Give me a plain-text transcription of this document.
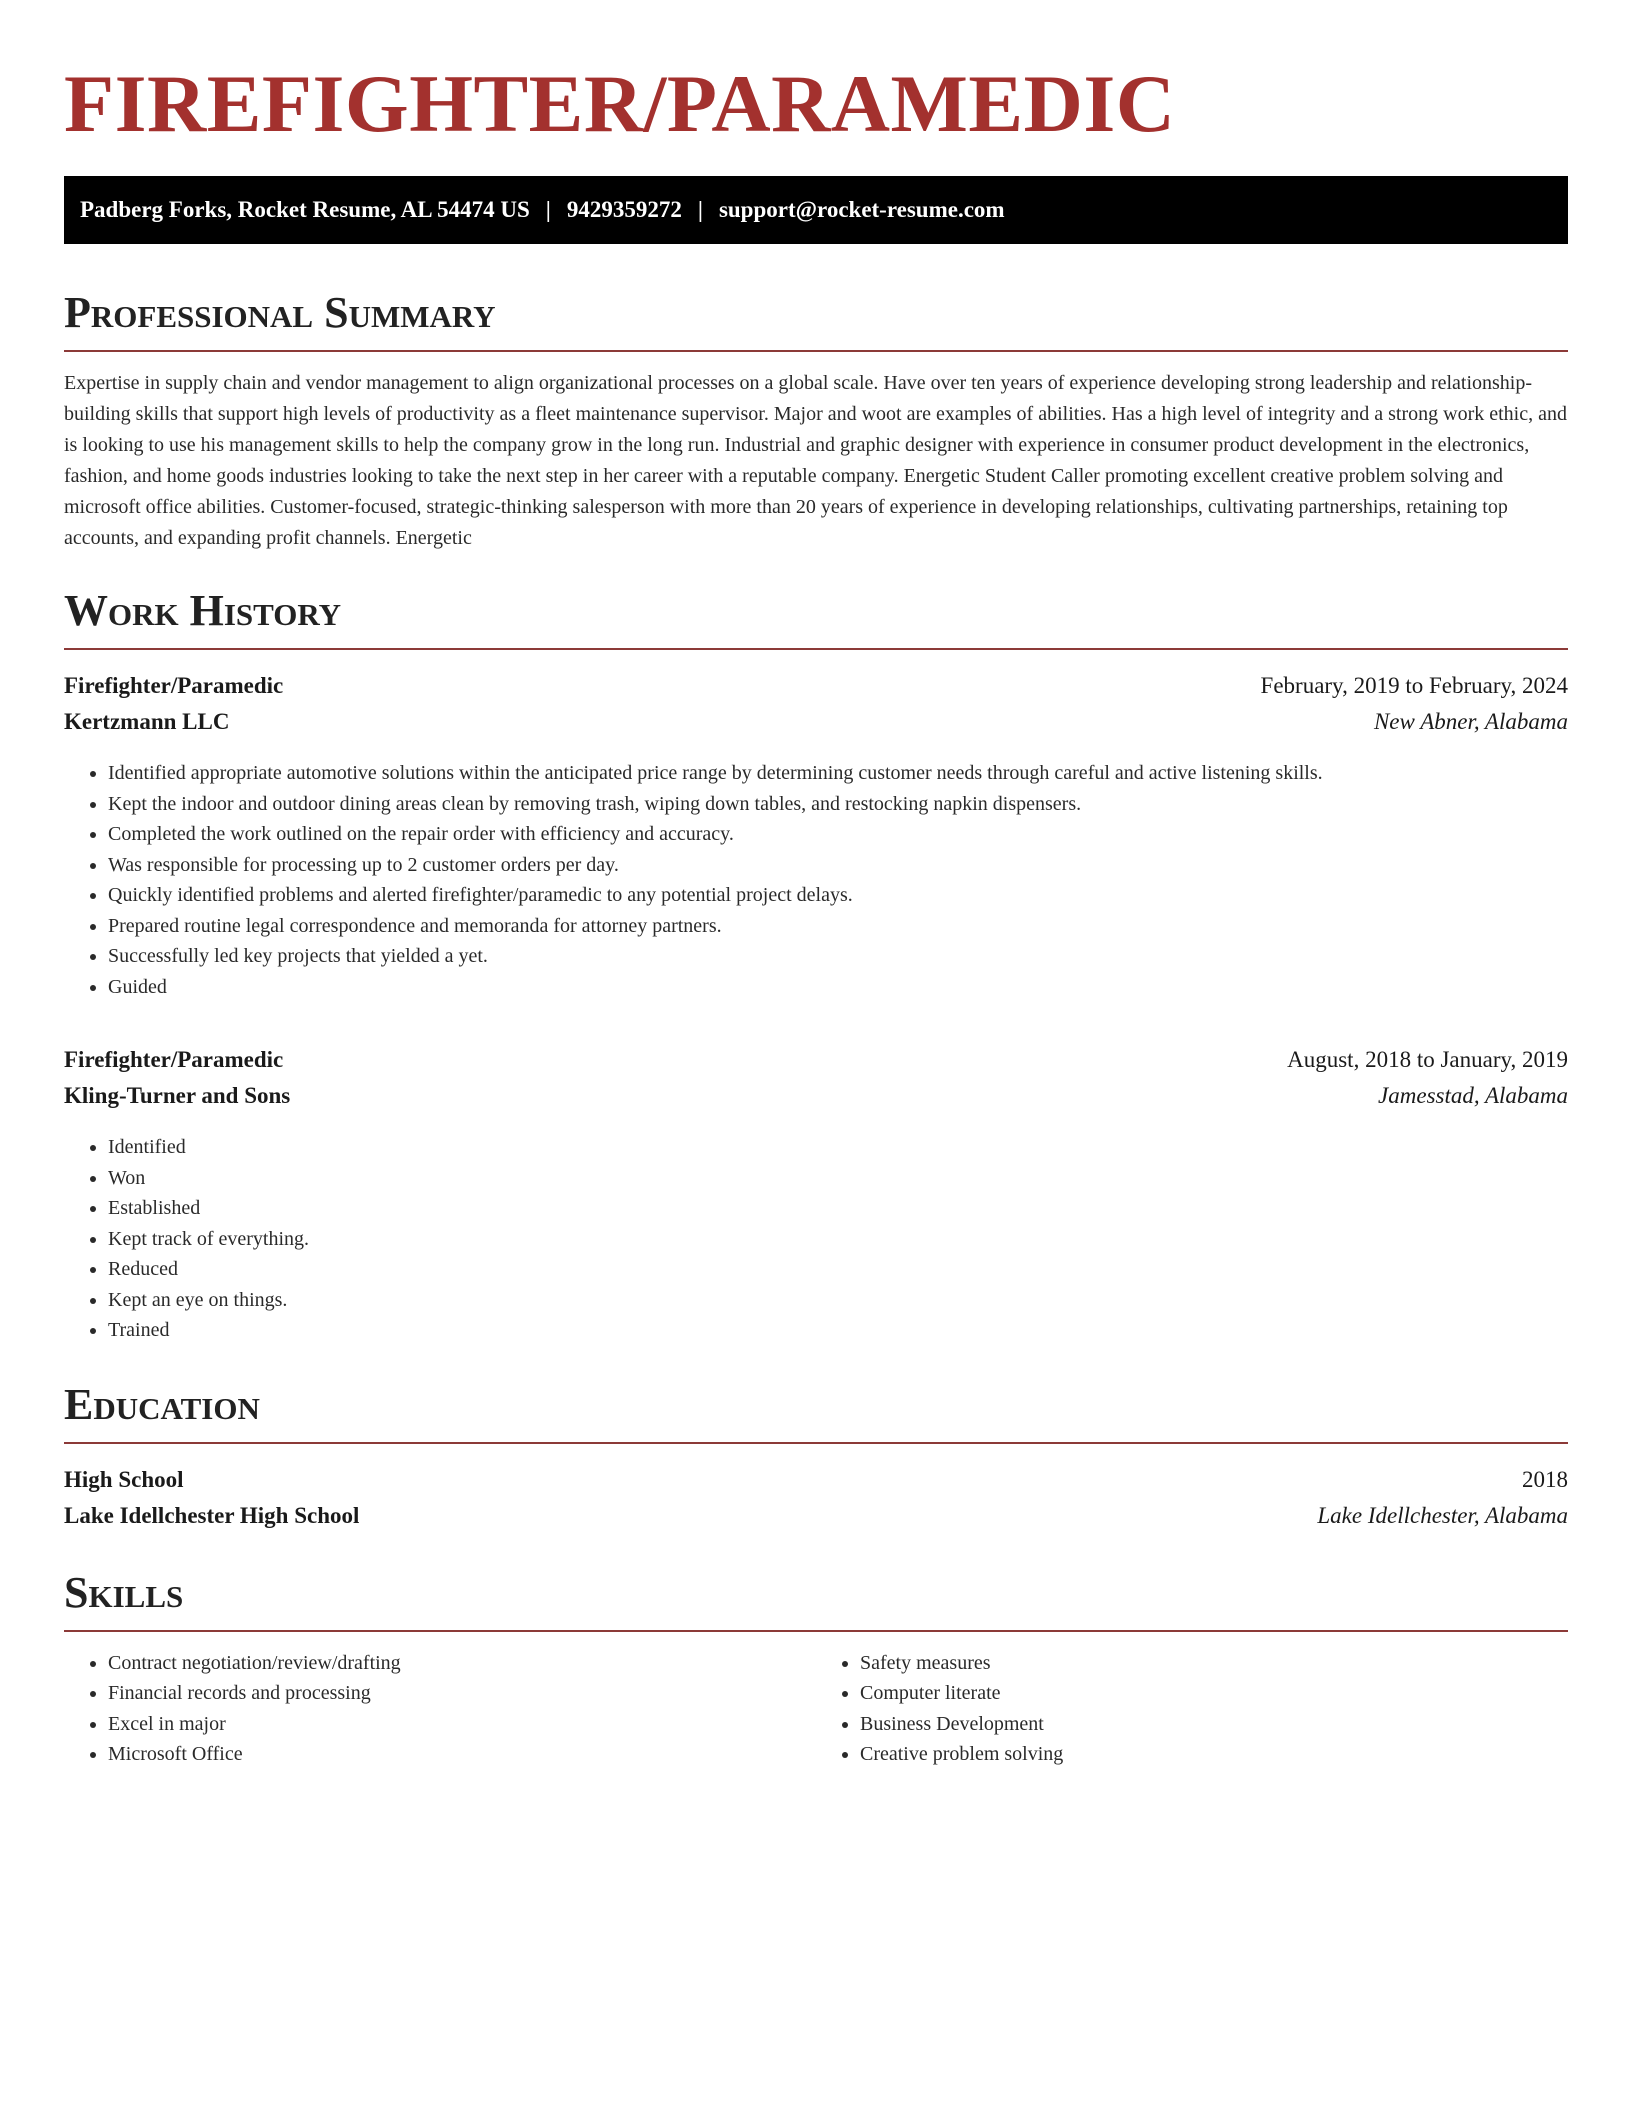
FIREFIGHTER/PARAMEDIC
Padberg Forks, Rocket Resume, AL 54474 US | 9429359272 | support@rocket-resume.com
Professional Summary

Expertise in supply chain and vendor management to align organizational processes on a global scale. Have over ten years of experience developing strong leadership and relationship-building skills that support high levels of productivity as a fleet maintenance supervisor. Major and woot are examples of abilities. Has a high level of integrity and a strong work ethic, and is looking to use his management skills to help the company grow in the long run. Industrial and graphic designer with experience in consumer product development in the electronics, fashion, and home goods industries looking to take the next step in her career with a reputable company. Energetic Student Caller promoting excellent creative problem solving and microsoft office abilities. Customer-focused, strategic-thinking salesperson with more than 20 years of experience in developing relationships, cultivating partnerships, retaining top accounts, and expanding profit channels. Energetic

Work History
Firefighter/Paramedic	February, 2019 to February, 2024
Kertzmann LLC	New Abner, Alabama
• Identified appropriate automotive solutions within the anticipated price range by determining customer needs through careful and active listening skills.
• Kept the indoor and outdoor dining areas clean by removing trash, wiping down tables, and restocking napkin dispensers.
• Completed the work outlined on the repair order with efficiency and accuracy.
• Was responsible for processing up to 2 customer orders per day.
• Quickly identified problems and alerted firefighter/paramedic to any potential project delays.
• Prepared routine legal correspondence and memoranda for attorney partners.
• Successfully led key projects that yielded a yet.
• Guided
Firefighter/Paramedic	August, 2018 to January, 2019
Kling-Turner and Sons	Jamesstad, Alabama
• Identified
• Won
• Established
• Kept track of everything.
• Reduced
• Kept an eye on things.
• Trained
Education
High School	2018
Lake Idellchester High School	Lake Idellchester, Alabama
Skills
• Contract negotiation/review/drafting
• Financial records and processing
• Excel in major
• Microsoft Office
• Safety measures
• Computer literate
• Business Development
• Creative problem solving
